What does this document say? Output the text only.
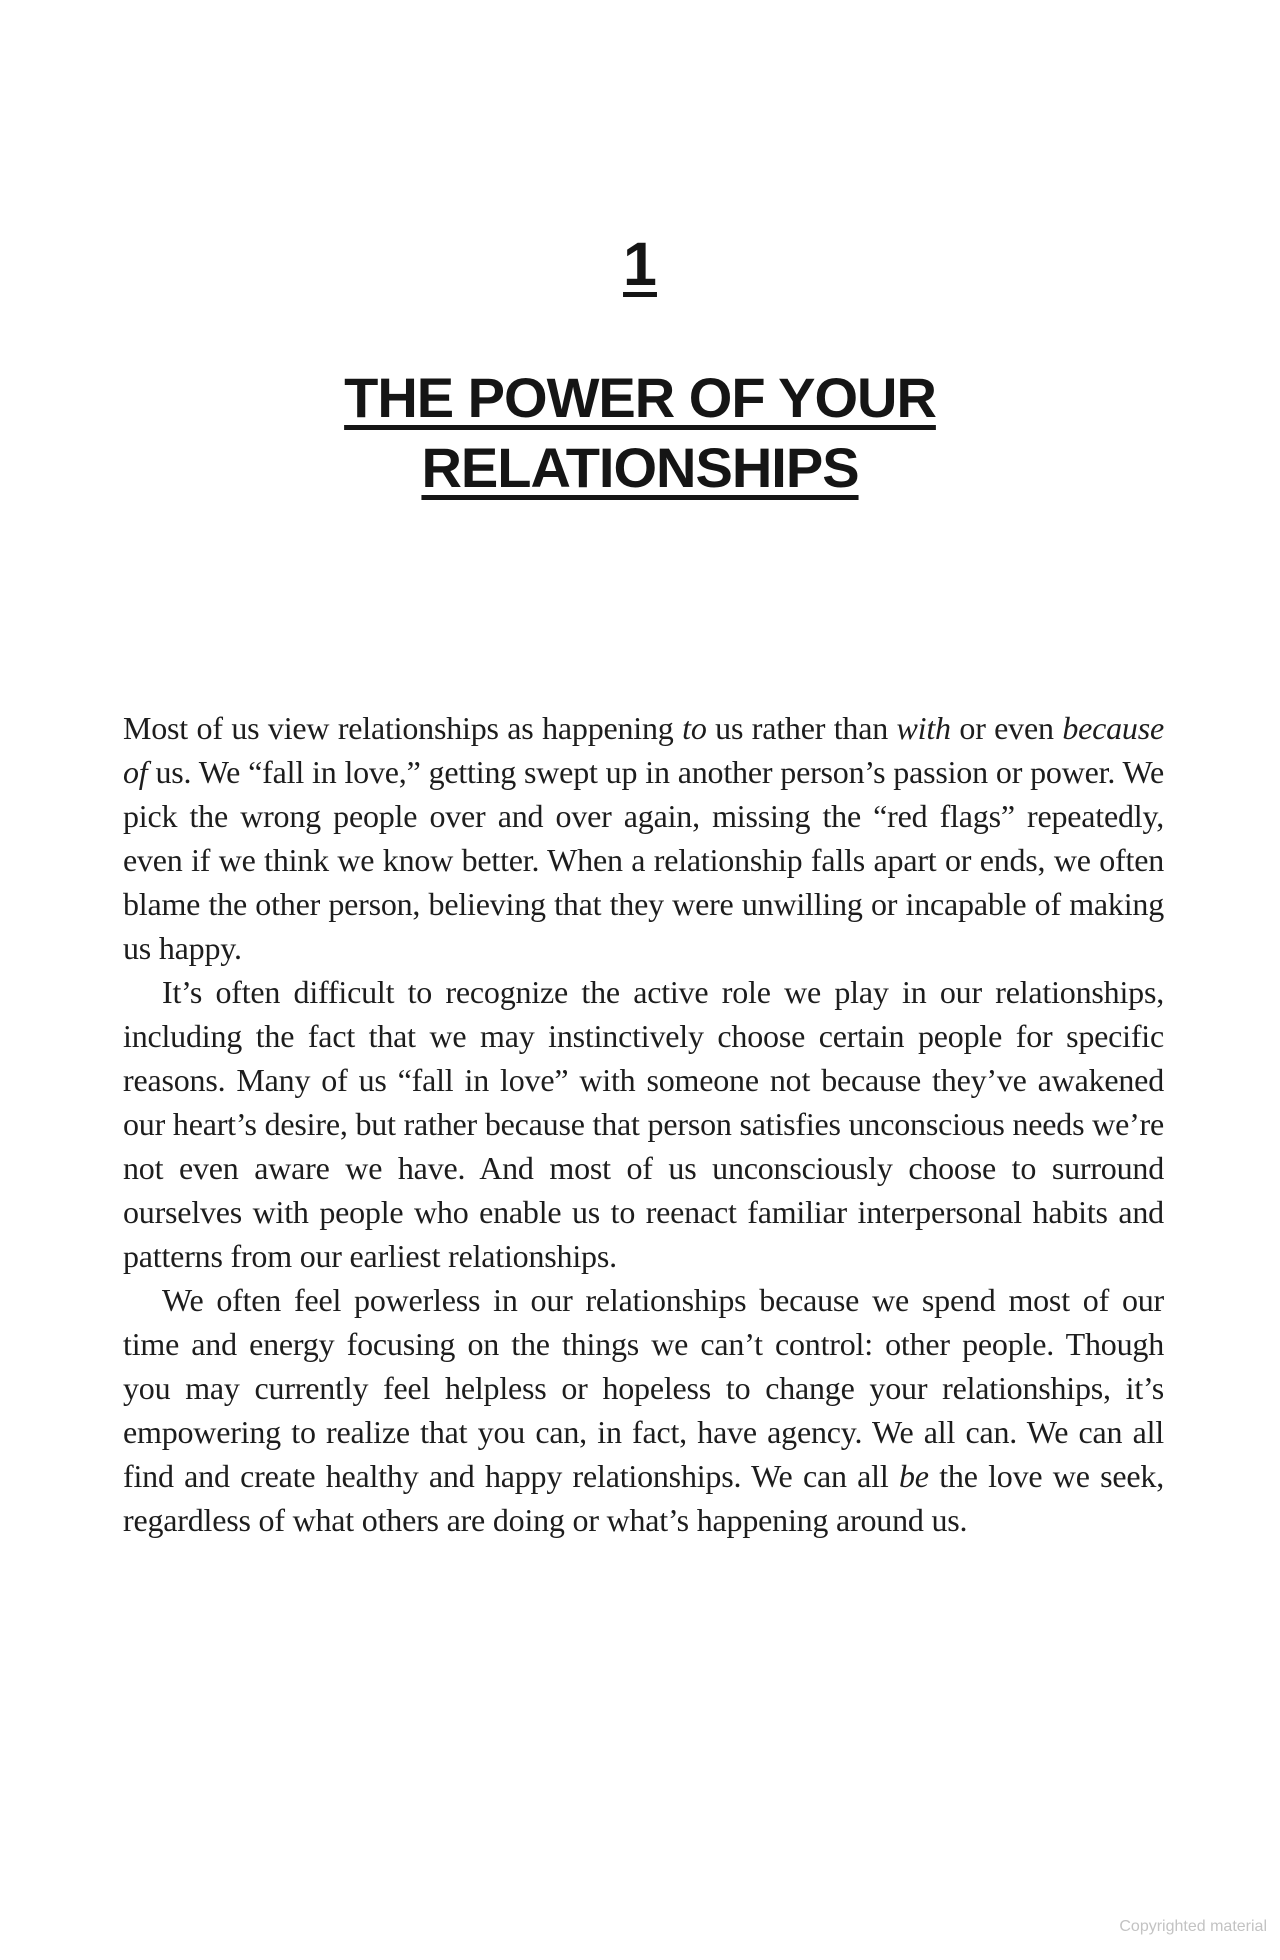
1
THE POWER OF YOUR
RELATIONSHIPS

Most of us view relationships as happening to us rather than with or even because of us. We “fall in love,” getting swept up in another person’s passion or power. We pick the wrong people over and over again, missing the “red flags” repeatedly, even if we think we know better. When a relationship falls apart or ends, we often blame the other person, believing that they were unwilling or incapable of making us happy.

It’s often difficult to recognize the active role we play in our relationships, including the fact that we may instinctively choose certain people for specific reasons. Many of us “fall in love” with someone not because they’ve awakened our heart’s desire, but rather because that person satisfies unconscious needs we’re not even aware we have. And most of us unconsciously choose to surround ourselves with people who enable us to reenact familiar interpersonal habits and patterns from our earliest relationships.

We often feel powerless in our relationships because we spend most of our time and energy focusing on the things we can’t control: other people. Though you may currently feel helpless or hopeless to change your relationships, it’s empowering to realize that you can, in fact, have agency. We all can. We can all find and create healthy and happy relationships. We can all be the love we seek, regardless of what others are doing or what’s happening around us.

Copyrighted material
